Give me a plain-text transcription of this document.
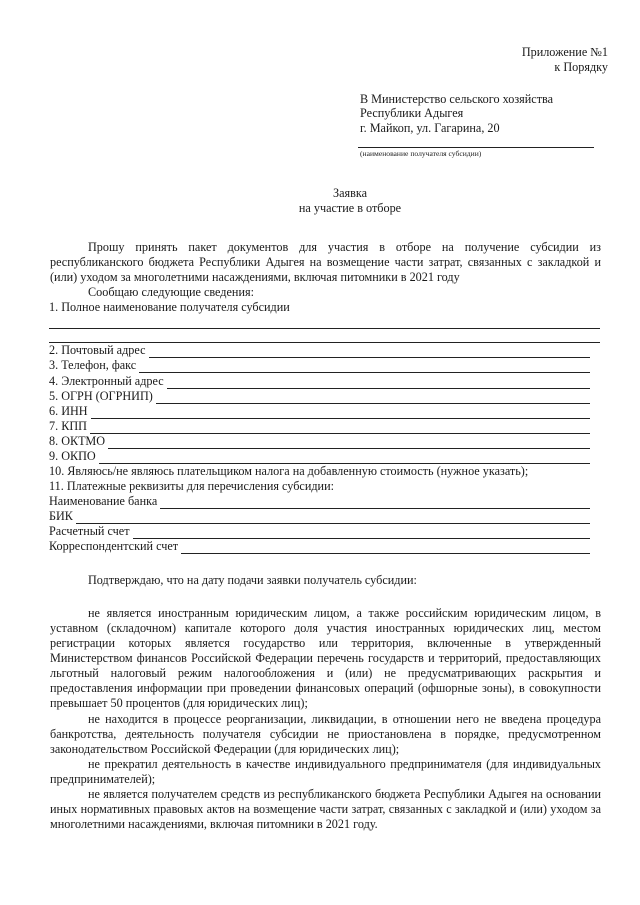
Приложение №1
к Порядку
В Министерство сельского хозяйства
Республики Адыгея
г. Майкоп, ул. Гагарина, 20
(наименование получателя субсидии)
Заявка
на участие в отборе
Прошу принять пакет документов для участия в отборе на получение субсидии из республиканского бюджета Республики Адыгея на возмещение части затрат, связанных с закладкой и (или) уходом за многолетними насаждениями, включая питомники в 2021 году
Сообщаю следующие сведения:
1. Полное наименование получателя субсидии
2. Почтовый адрес
3. Телефон, факс
4. Электронный адрес
5. ОГРН (ОГРНИП)
6. ИНН
7. КПП
8. ОКТМО
9. ОКПО
10. Являюсь/не являюсь плательщиком налога на добавленную стоимость (нужное указать);
11. Платежные реквизиты для перечисления субсидии:
Наименование банка
БИК
Расчетный счет
Корреспондентский счет
Подтверждаю, что на дату подачи заявки получатель субсидии:
не является иностранным юридическим лицом, а также российским юридическим лицом, в уставном (складочном) капитале которого доля участия иностранных юридических лиц, местом регистрации которых является государство или территория, включенные в утвержденный Министерством финансов Российской Федерации перечень государств и территорий, предоставляющих льготный налоговый режим налогообложения и (или) не предусматривающих раскрытия и предоставления информации при проведении финансовых операций (офшорные зоны), в совокупности превышает 50 процентов (для юридических лиц);
не находится в процессе реорганизации, ликвидации, в отношении него не введена процедура банкротства, деятельность получателя субсидии не приостановлена в порядке, предусмотренном законодательством Российской Федерации (для юридических лиц);
не прекратил деятельность в качестве индивидуального предпринимателя (для индивидуальных предпринимателей);
не является получателем средств из республиканского бюджета Республики Адыгея на основании иных нормативных правовых актов на возмещение части затрат, связанных с закладкой и (или) уходом за многолетними насаждениями, включая питомники в 2021 году.
